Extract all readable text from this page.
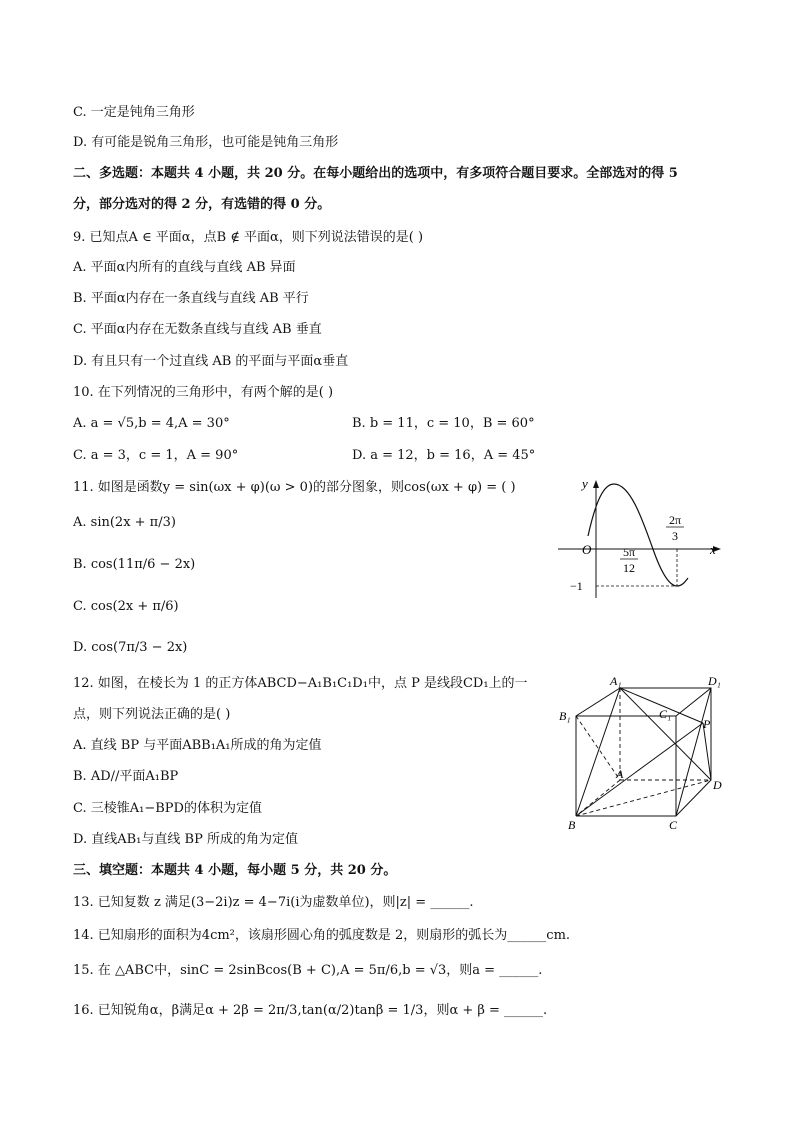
C. 一定是钝角三角形
D. 有可能是锐角三角形，也可能是钝角三角形
二、多选题：本题共 4 小题，共 20 分。在每小题给出的选项中，有多项符合题目要求。全部选对的得 5
分，部分选对的得 2 分，有选错的得 0 分。
9. 已知点A ∈ 平面α，点B ∉ 平面α，则下列说法错误的是( )
A. 平面α内所有的直线与直线 AB 异面
B. 平面α内存在一条直线与直线 AB 平行
C. 平面α内存在无数条直线与直线 AB 垂直
D. 有且只有一个过直线 AB 的平面与平面α垂直
10. 在下列情况的三角形中，有两个解的是( )
A. a = √5,b = 4,A = 30°	B. b = 11，c = 10，B = 60°
C. a = 3，c = 1，A = 90°	D. a = 12，b = 16，A = 45°
11. 如图是函数y = sin(ωx + φ)(ω > 0)的部分图象，则cos(ωx + φ) = ( )
A. sin(2x + π/3)
B. cos(11π/6 − 2x)
C. cos(2x + π/6)
D. cos(7π/3 − 2x)
y
x
O	5π
12
2π
3
−1
12. 如图，在棱长为 1 的正方体ABCD−A₁B₁C₁D₁中，点 P 是线段CD₁上的一
点，则下列说法正确的是( )
A. 直线 BP 与平面ABB₁A₁所成的角为定值
B. AD//平面A₁BP
C. 三棱锥A₁−BPD的体积为定值
D. 直线AB₁与直线 BP 所成的角为定值
A₁	D₁
B₁	C₁
P
A
D
B	C
三、填空题：本题共 4 小题，每小题 5 分，共 20 分。
13. 已知复数 z 满足(3−2i)z = 4−7i(i为虚数单位)，则|z| = ______.
14. 已知扇形的面积为4cm²，该扇形圆心角的弧度数是 2，则扇形的弧长为______cm.
15. 在 △ABC中，sinC = 2sinBcos(B + C),A = 5π/6,b = √3，则a = ______.
16. 已知锐角α，β满足α + 2β = 2π/3,tan(α/2)tanβ = 1/3，则α + β = ______.
